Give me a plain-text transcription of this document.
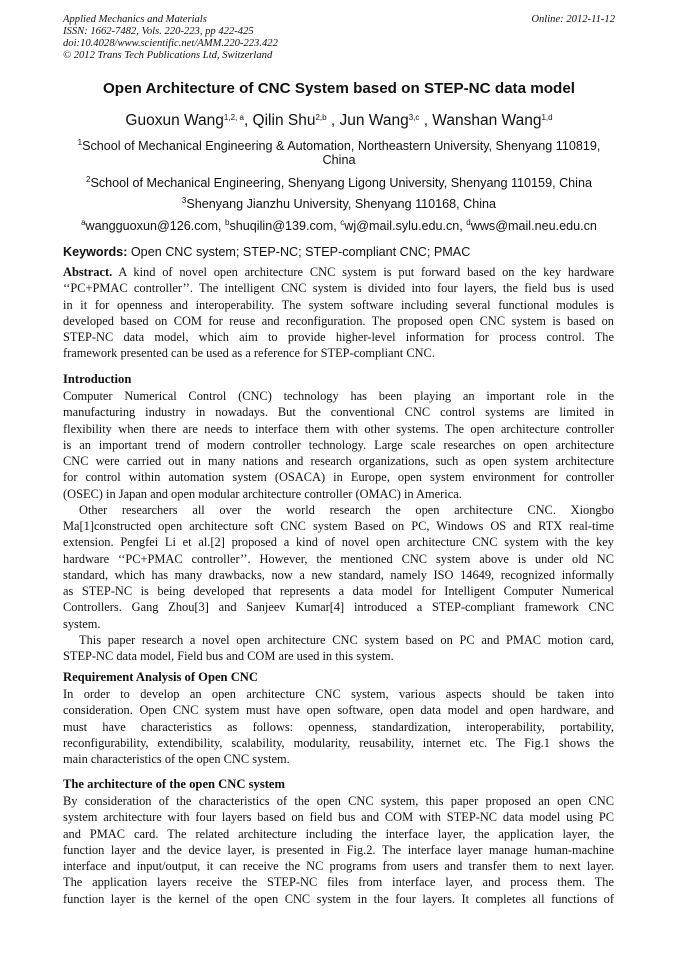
Applied Mechanics and Materials
ISSN: 1662-7482, Vols. 220-223, pp 422-425
doi:10.4028/www.scientific.net/AMM.220-223.422
© 2012 Trans Tech Publications Ltd, Switzerland
Online: 2012-11-12
Open Architecture of CNC System based on STEP-NC data model
Guoxun Wang$^{1,2, a}$, Qilin Shu$^{2,b}$ , Jun Wang$^{3,c}$ , Wanshan Wang$^{1,d}$
$^1$School of Mechanical Engineering & Automation, Northeastern University, Shenyang 110819,
China
$^2$School of Mechanical Engineering, Shenyang Ligong University, Shenyang 110159, China
$^3$Shenyang Jianzhu University, Shenyang 110168, China
$^a$wangguoxun@126.com, $^b$shuqilin@139.com, $^c$wj@mail.sylu.edu.cn, $^d$wws@mail.neu.edu.cn
Keywords: Open CNC system; STEP-NC; STEP-compliant CNC; PMAC
Abstract. A kind of novel open architecture CNC system is put forward based on the key hardware
‘‘PC+PMAC controller’’. The intelligent CNC system is divided into four layers, the field bus is used
in it for openness and interoperability. The system software including several functional modules is
developed based on COM for reuse and reconfiguration. The proposed open CNC system is based on
STEP-NC data model, which aim to provide higher-level information for process control. The
framework presented can be used as a reference for STEP-compliant CNC.
Introduction
Computer Numerical Control (CNC) technology has been playing an important role in the
manufacturing industry in nowadays. But the conventional CNC control systems are limited in
flexibility when there are needs to interface them with other systems. The open architecture controller
is an important trend of modern controller technology. Large scale researches on open architecture
CNC were carried out in many nations and research organizations, such as open system architecture
for control within automation system (OSACA) in Europe, open system environment for controller
(OSEC) in Japan and open modular architecture controller (OMAC) in America.
Other researchers all over the world research the open architecture CNC. Xiongbo
Ma[1]constructed open architecture soft CNC system Based on PC, Windows OS and RTX real-time
extension. Pengfei Li et al.[2] proposed a kind of novel open architecture CNC system with the key
hardware ‘‘PC+PMAC controller’’. However, the mentioned CNC system above is under old NC
standard, which has many drawbacks, now a new standard, namely ISO 14649, recognized informally
as STEP-NC is being developed that represents a data model for Intelligent Computer Numerical
Controllers. Gang Zhou[3] and Sanjeev Kumar[4] introduced a STEP-compliant framework CNC
system.
This paper research a novel open architecture CNC system based on PC and PMAC motion card,
STEP-NC data model, Field bus and COM are used in this system.
Requirement Analysis of Open CNC
In order to develop an open architecture CNC system, various aspects should be taken into
consideration. Open CNC system must have open software, open data model and open hardware, and
must have characteristics as follows: openness, standardization, interoperability, portability,
reconfigurability, extendibility, scalability, modularity, reusability, internet etc. The Fig.1 shows the
main characteristics of the open CNC system.
The architecture of the open CNC system
By consideration of the characteristics of the open CNC system, this paper proposed an open CNC
system architecture with four layers based on field bus and COM with STEP-NC data model using PC
and PMAC card. The related architecture including the interface layer, the application layer, the
function layer and the device layer, is presented in Fig.2. The interface layer manage human-machine
interface and input/output, it can receive the NC programs from users and transfer them to next layer.
The application layers receive the STEP-NC files from interface layer, and process them. The
function layer is the kernel of the open CNC system in the four layers. It completes all functions of
